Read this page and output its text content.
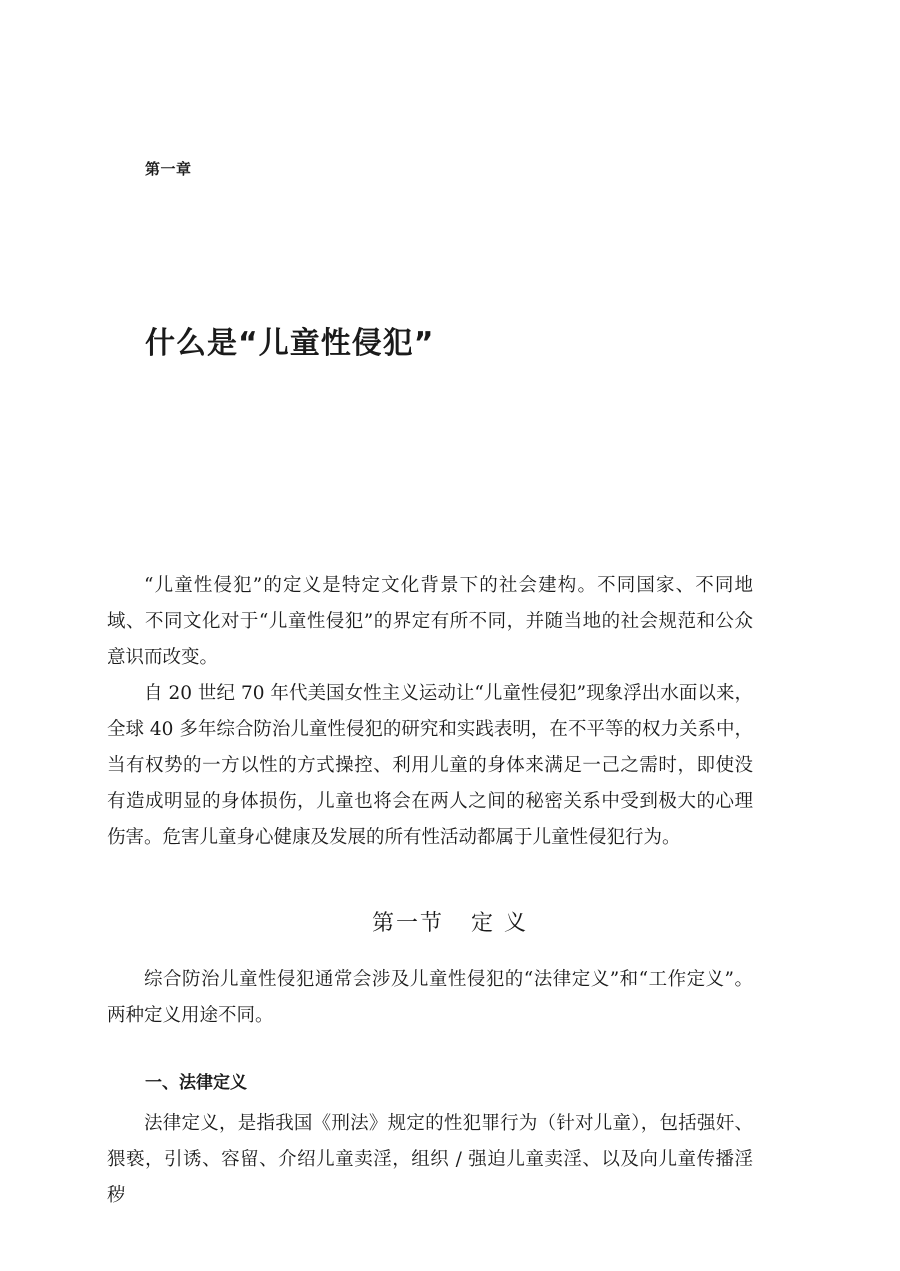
第一章
什么是“儿童性侵犯”

“儿童性侵犯”的定义是特定文化背景下的社会建构。不同国家、不同地域、不同文化对于“儿童性侵犯”的界定有所不同，并随当地的社会规范和公众意识而改变。

自 20 世纪 70 年代美国女性主义运动让“儿童性侵犯”现象浮出水面以来，全球 40 多年综合防治儿童性侵犯的研究和实践表明，在不平等的权力关系中，当有权势的一方以性的方式操控、利用儿童的身体来满足一己之需时，即使没有造成明显的身体损伤，儿童也将会在两人之间的秘密关系中受到极大的心理伤害。危害儿童身心健康及发展的所有性活动都属于儿童性侵犯行为。

第一节   定 义

综合防治儿童性侵犯通常会涉及儿童性侵犯的“法律定义”和“工作定义”。两种定义用途不同。

一、法律定义

法律定义，是指我国《刑法》规定的性犯罪行为（针对儿童），包括强奸、猥亵，引诱、容留、介绍儿童卖淫，组织 / 强迫儿童卖淫、以及向儿童传播淫秽
